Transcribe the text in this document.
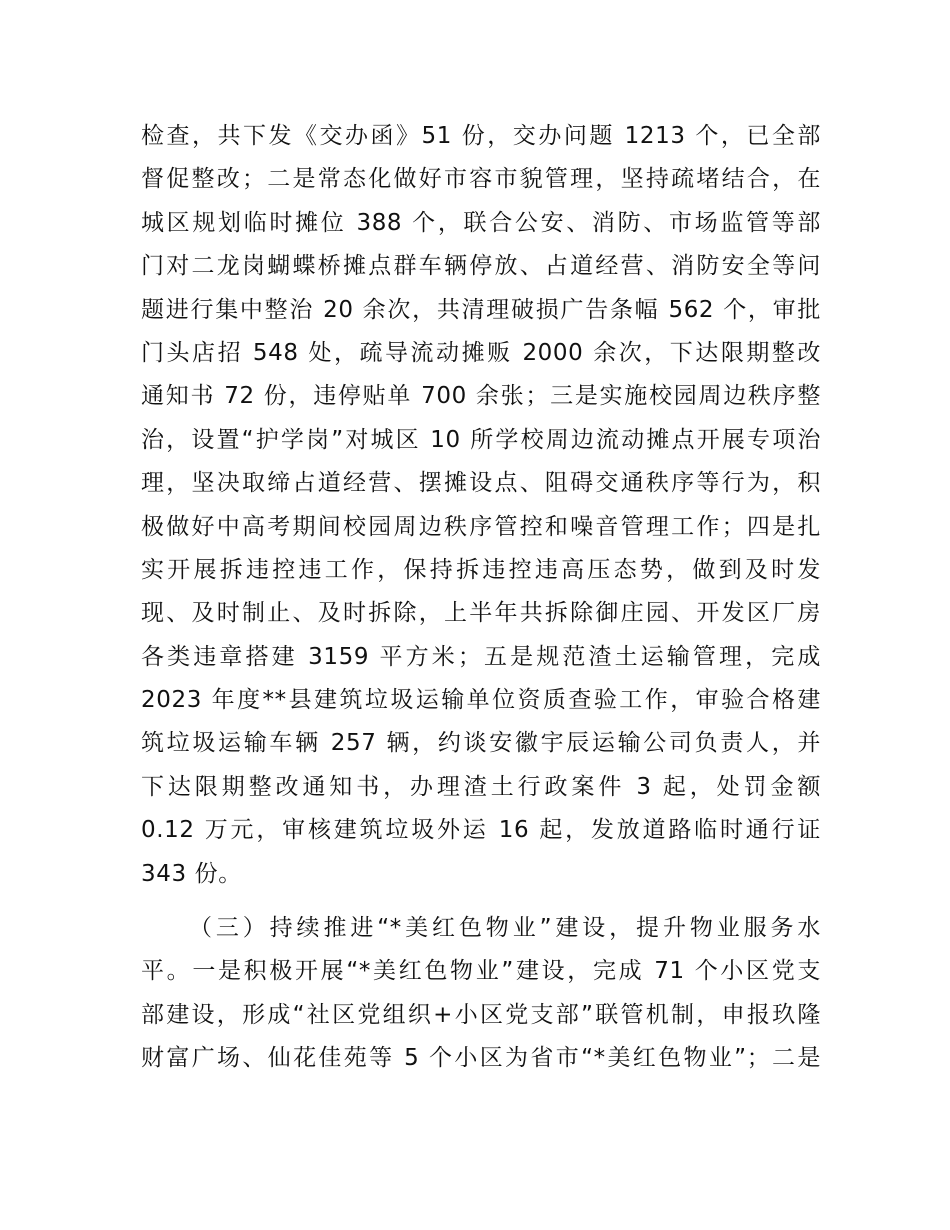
检查，共下发《交办函》51 份，交办问题 1213 个，已全部
督促整改；二是常态化做好市容市貌管理，坚持疏堵结合，在
城区规划临时摊位 388 个，联合公安、消防、市场监管等部
门对二龙岗蝴蝶桥摊点群车辆停放、占道经营、消防安全等问
题进行集中整治 20 余次，共清理破损广告条幅 562 个，审批
门头店招 548 处，疏导流动摊贩 2000 余次，下达限期整改
通知书 72 份，违停贴单 700 余张；三是实施校园周边秩序整
治，设置“护学岗”对城区 10 所学校周边流动摊点开展专项治
理，坚决取缔占道经营、摆摊设点、阻碍交通秩序等行为，积
极做好中高考期间校园周边秩序管控和噪音管理工作；四是扎
实开展拆违控违工作，保持拆违控违高压态势，做到及时发
现、及时制止、及时拆除，上半年共拆除御庄园、开发区厂房
各类违章搭建 3159 平方米；五是规范渣土运输管理，完成
2023 年度**县建筑垃圾运输单位资质查验工作，审验合格建
筑垃圾运输车辆 257 辆，约谈安徽宇辰运输公司负责人，并
下达限期整改通知书，办理渣土行政案件 3 起，处罚金额
0.12 万元，审核建筑垃圾外运 16 起，发放道路临时通行证
343 份。
（三）持续推进“*美红色物业”建设，提升物业服务水
平。一是积极开展“*美红色物业”建设，完成 71 个小区党支
部建设，形成“社区党组织+小区党支部”联管机制，申报玖隆
财富广场、仙花佳苑等 5 个小区为省市“*美红色物业”；二是
